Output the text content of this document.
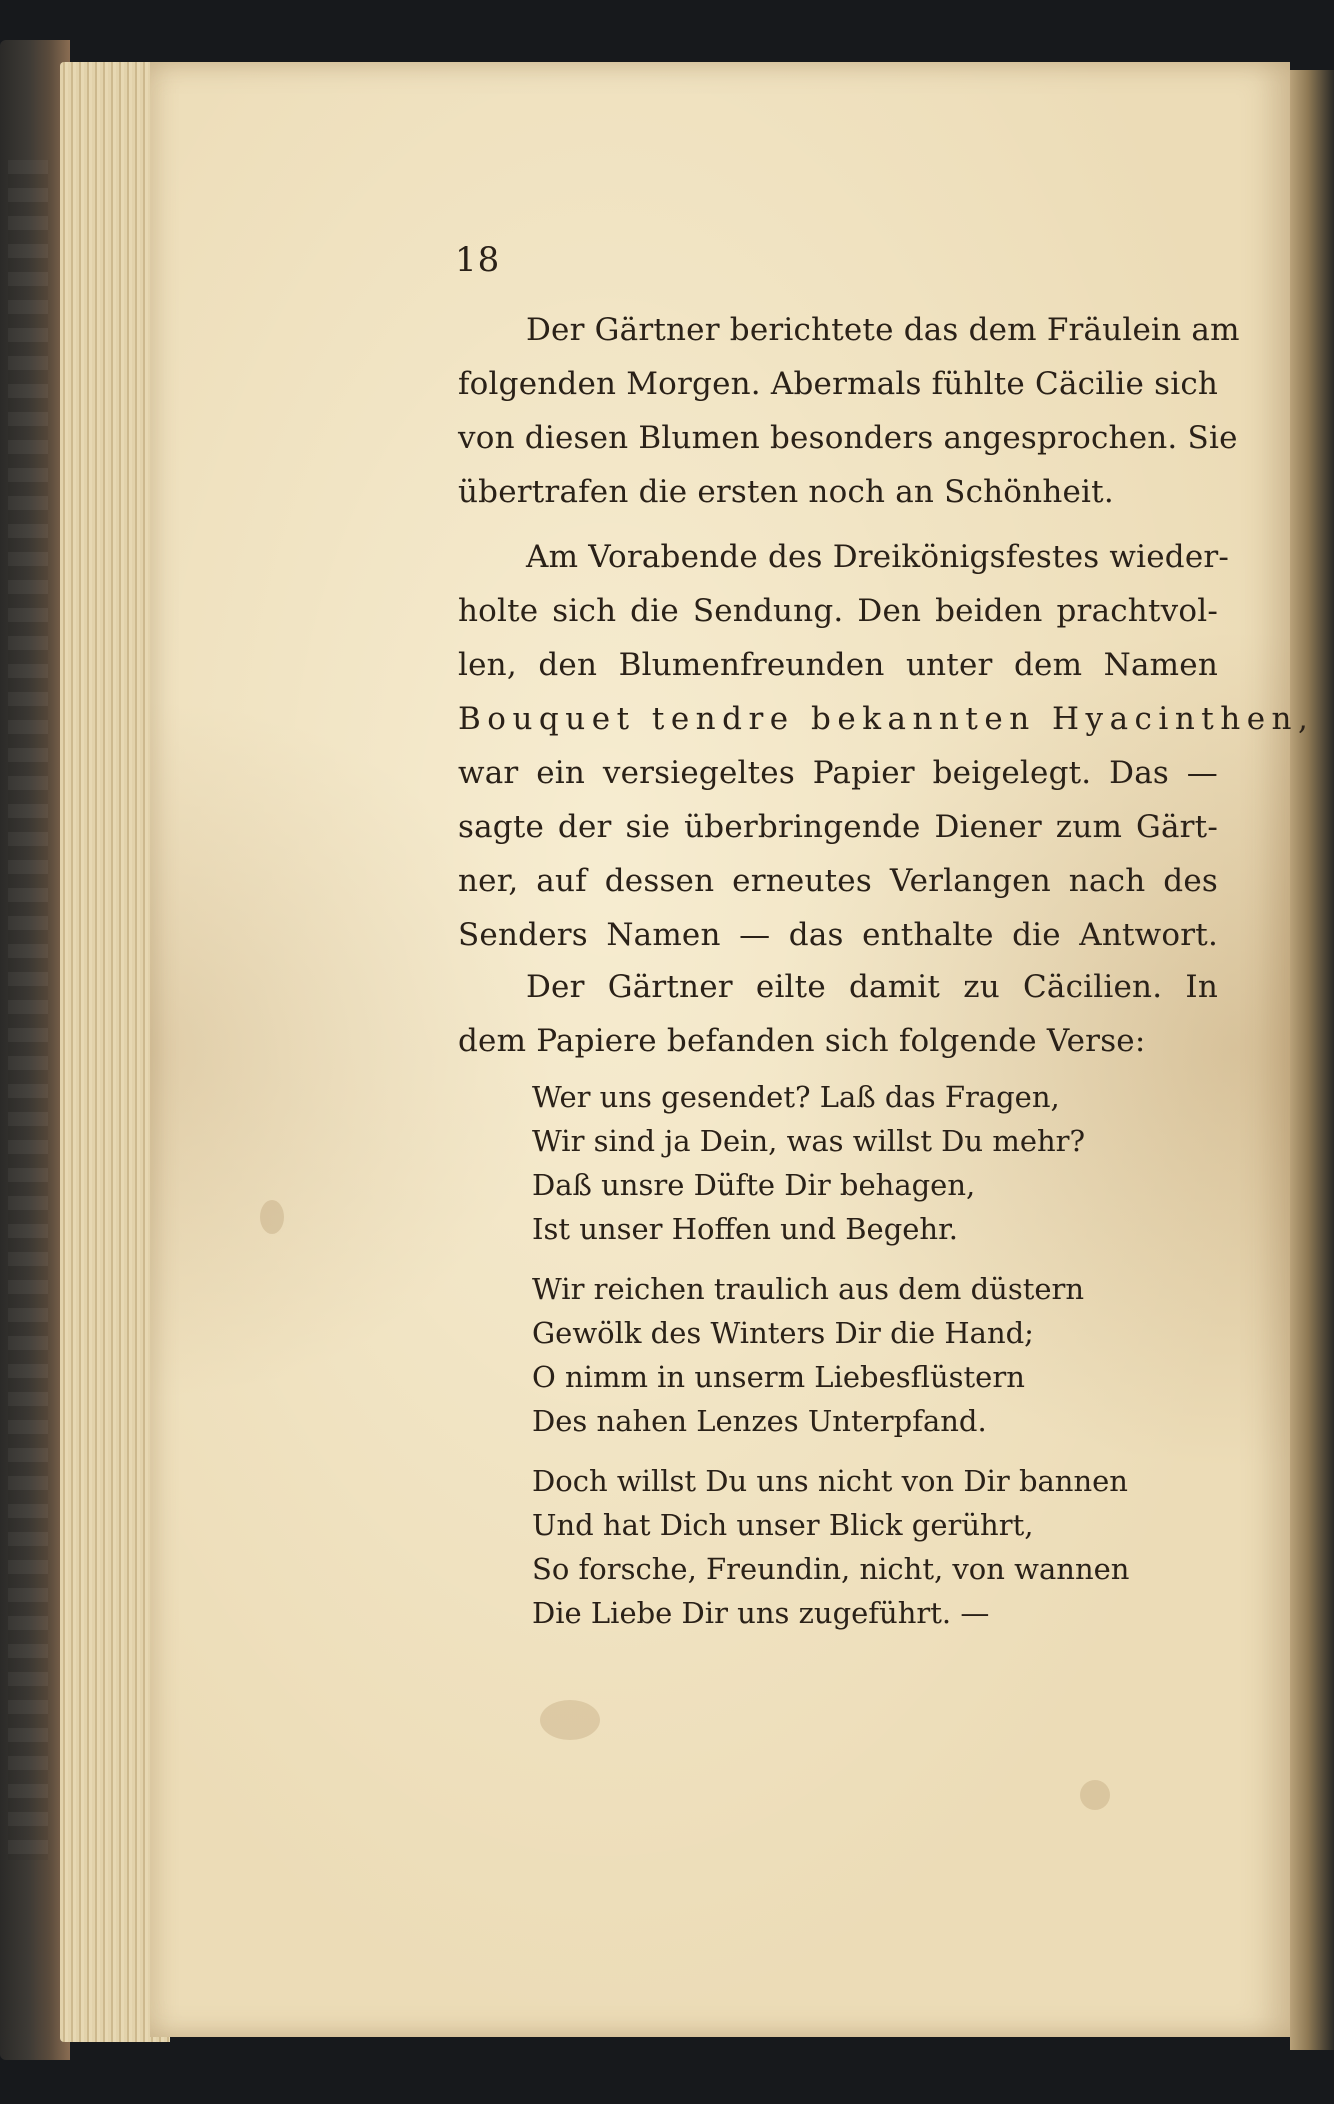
18
Der Gärtner berichtete das dem Fräulein am
folgenden Morgen. Abermals fühlte Cäcilie sich
von diesen Blumen besonders angesprochen. Sie
übertrafen die ersten noch an Schönheit.
Am Vorabende des Dreikönigsfestes wieder-
holte sich die Sendung. Den beiden prachtvol-
len, den Blumenfreunden unter dem Namen
Bouquet tendre bekannten Hyacinthen,
war ein versiegeltes Papier beigelegt. Das —
sagte der sie überbringende Diener zum Gärt-
ner, auf dessen erneutes Verlangen nach des
Senders Namen — das enthalte die Antwort.
Der Gärtner eilte damit zu Cäcilien. In
dem Papiere befanden sich folgende Verse:
Wer uns gesendet? Laß das Fragen,
Wir sind ja Dein, was willst Du mehr?
Daß unsre Düfte Dir behagen,
Ist unser Hoffen und Begehr.
Wir reichen traulich aus dem düstern
Gewölk des Winters Dir die Hand;
O nimm in unserm Liebesflüstern
Des nahen Lenzes Unterpfand.
Doch willst Du uns nicht von Dir bannen
Und hat Dich unser Blick gerührt,
So forsche, Freundin, nicht, von wannen
Die Liebe Dir uns zugeführt. —
